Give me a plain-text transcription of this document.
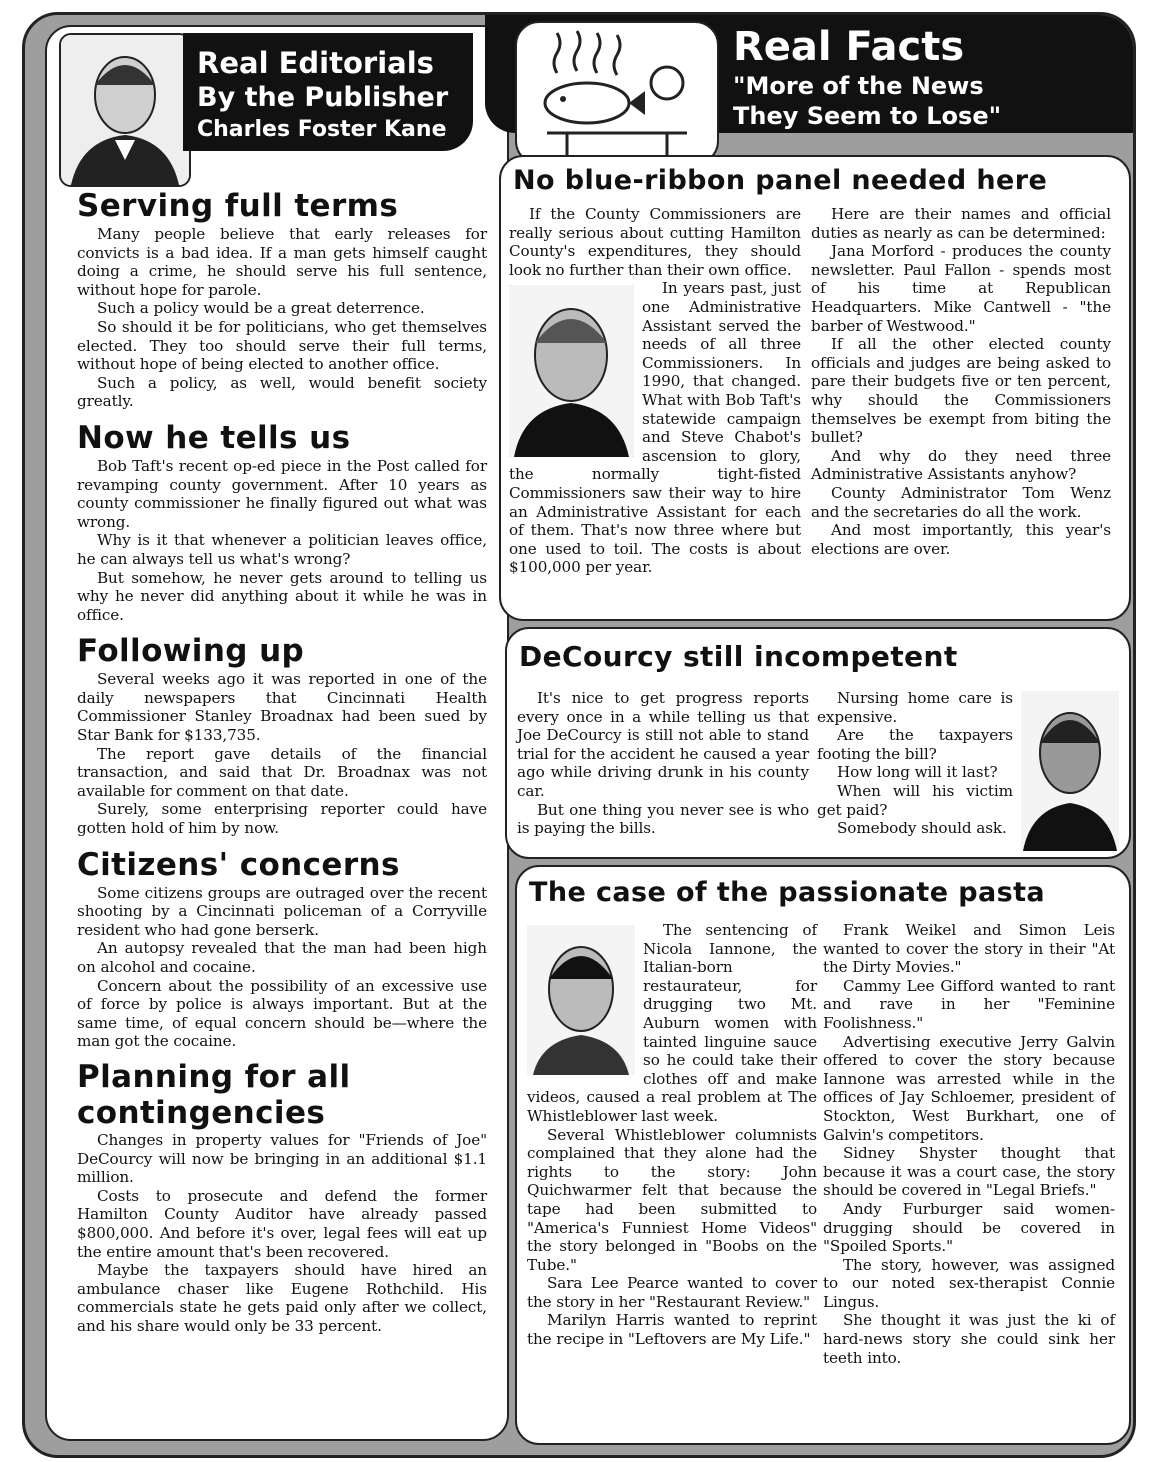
Real Editorials
By the Publisher
Charles Foster Kane
Serving full terms

Many people believe that early releases for convicts is a bad idea. If a man gets himself caught doing a crime, he should serve his full sentence, without hope for parole.

Such a policy would be a great deterrence.

So should it be for politicians, who get themselves elected. They too should serve their full terms, without hope of being elected to another office.

Such a policy, as well, would benefit society greatly.

Now he tells us

Bob Taft's recent op-ed piece in the Post called for revamping county government. After 10 years as county commissioner he finally figured out what was wrong.

Why is it that whenever a politician leaves office, he can always tell us what's wrong?

But somehow, he never gets around to telling us why he never did anything about it while he was in office.

Following up

Several weeks ago it was reported in one of the daily newspapers that Cincinnati Health Commissioner Stanley Broadnax had been sued by Star Bank for $133,735.

The report gave details of the financial transaction, and said that Dr. Broadnax was not available for comment on that date.

Surely, some enterprising reporter could have gotten hold of him by now.

Citizens' concerns

Some citizens groups are outraged over the recent shooting by a Cincinnati policeman of a Corryville resident who had gone berserk.

An autopsy revealed that the man had been high on alcohol and cocaine.

Concern about the possibility of an excessive use of force by police is always important. But at the same time, of equal concern should be—where the man got the cocaine.

Planning for all contingencies

Changes in property values for "Friends of Joe" DeCourcy will now be bringing in an additional $1.1 million.

Costs to prosecute and defend the former Hamilton County Auditor have already passed $800,000. And before it's over, legal fees will eat up the entire amount that's been recovered.

Maybe the taxpayers should have hired an ambulance chaser like Eugene Rothchild. His commercials state he gets paid only after we collect, and his share would only be 33 percent.

Real Facts
"More of the News
They Seem to Lose"
No blue-ribbon panel needed here

If the County Commissioners are really serious about cutting Hamilton County's expenditures, they should look no further than their own office.

In years past, just one Administrative Assistant served the needs of all three Commissioners. In 1990, that changed. What with Bob Taft's statewide campaign and Steve Chabot's ascension to glory, the normally tight-fisted Commissioners saw their way to hire an Administrative Assistant for each of them. That's now three where but one used to toil. The costs is about $100,000 per year.

Here are their names and official duties as nearly as can be determined:

Jana Morford - produces the county newsletter. Paul Fallon - spends most of his time at Republican Headquarters. Mike Cantwell - "the barber of Westwood."

If all the other elected county officials and judges are being asked to pare their budgets five or ten percent, why should the Commissioners themselves be exempt from biting the bullet?

And why do they need three Administrative Assistants anyhow?

County Administrator Tom Wenz and the secretaries do all the work.

And most importantly, this year's elections are over.

DeCourcy still incompetent

It's nice to get progress reports every once in a while telling us that Joe DeCourcy is still not able to stand trial for the accident he caused a year ago while driving drunk in his county car.

But one thing you never see is who is paying the bills.

Nursing home care is expensive.

Are the taxpayers footing the bill?

How long will it last?

When will his victim get paid?

Somebody should ask.

The case of the passionate pasta

The sentencing of Nicola Iannone, the Italian-born restaurateur, for drugging two Mt. Auburn women with tainted linguine sauce so he could take their clothes off and make videos, caused a real problem at The Whistleblower last week.

Several Whistleblower columnists complained that they alone had the rights to the story: John Quichwarmer felt that because the tape had been submitted to "America's Funniest Home Videos" the story belonged in "Boobs on the Tube."

Sara Lee Pearce wanted to cover the story in her "Restaurant Review."

Marilyn Harris wanted to reprint the recipe in "Leftovers are My Life."

Frank Weikel and Simon Leis wanted to cover the story in their "At the Dirty Movies."

Cammy Lee Gifford wanted to rant and rave in her "Feminine Foolishness."

Advertising executive Jerry Galvin offered to cover the story because Iannone was arrested while in the offices of Jay Schloemer, president of Stockton, West Burkhart, one of Galvin's competitors.

Sidney Shyster thought that because it was a court case, the story should be covered in "Legal Briefs."

Andy Furburger said women-drugging should be covered in "Spoiled Sports."

The story, however, was assigned to our noted sex-therapist Connie Lingus.

She thought it was just the ki of hard-news story she could sink her teeth into.
